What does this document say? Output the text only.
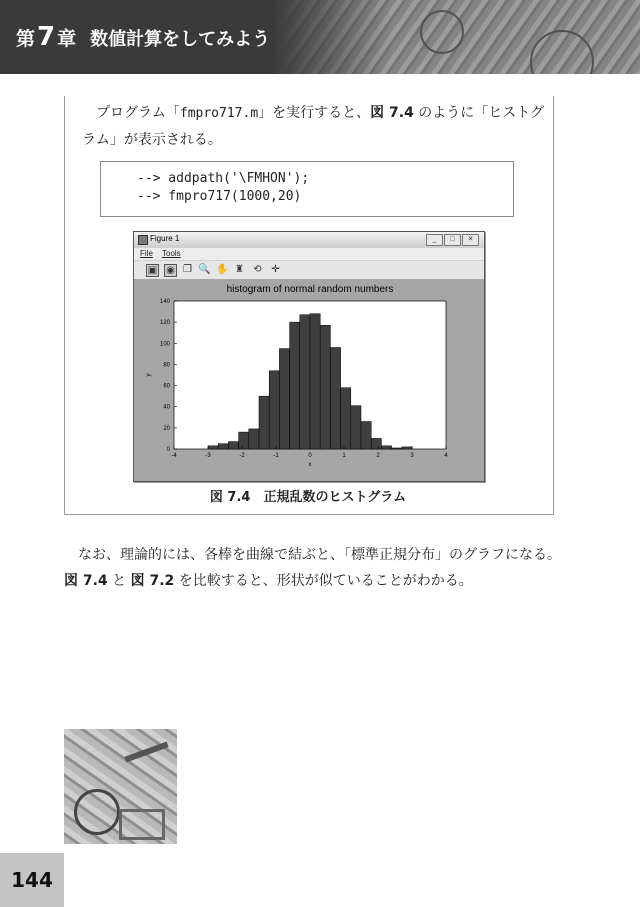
第7 章 数値計算をしてみよう
　プログラム「fmpro717.m」を実行すると、図 7.4 のように「ヒストグラム」が表示される。
--> addpath('\FMHON');
--> fmpro717(1000,20)
Figure 1	_	□	✕
File Tools
▣ ◉ ❐ 🔍 ✋ ♜ ⟲ ✛
histogram of normal random numbers
-4	-3	-2	-1	0	1	2	3	4
0
20
40
60
80
100
120
140
x
y
図 7.4　正規乱数のヒストグラム
　なお、理論的には、各棒を曲線で結ぶと、「標準正規分布」のグラフになる。
図 7.4 と 図 7.2 を比較すると、形状が似ていることがわかる。
144
